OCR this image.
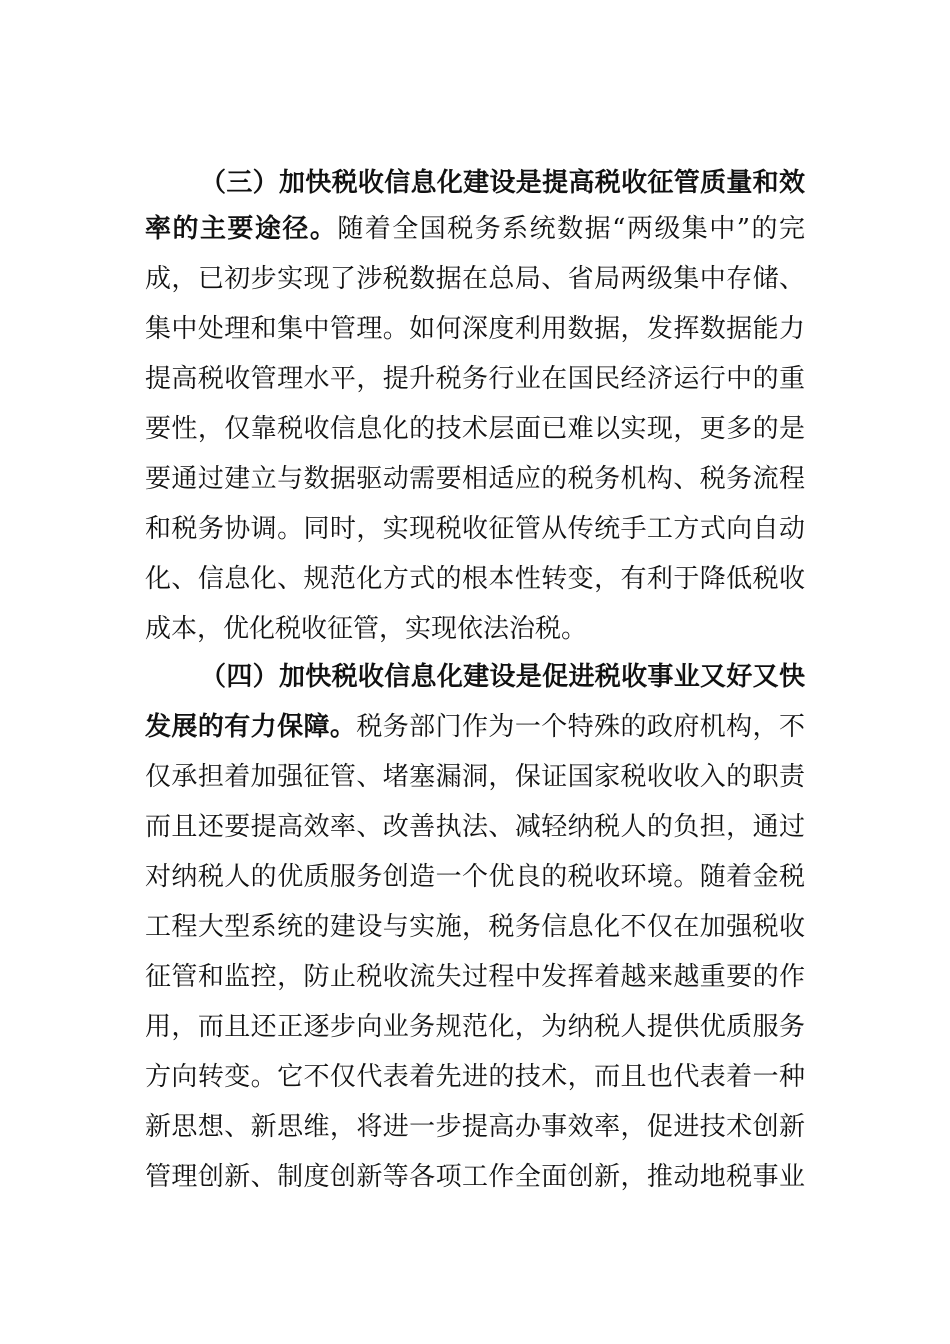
（三）加快税收信息化建设是提高税收征管质量和效
率的主要途径。随着全国税务系统数据“两级集中”的完
成，已初步实现了涉税数据在总局、省局两级集中存储、
集中处理和集中管理。如何深度利用数据，发挥数据能力
提高税收管理水平，提升税务行业在国民经济运行中的重
要性，仅靠税收信息化的技术层面已难以实现，更多的是
要通过建立与数据驱动需要相适应的税务机构、税务流程
和税务协调。同时，实现税收征管从传统手工方式向自动
化、信息化、规范化方式的根本性转变，有利于降低税收
成本，优化税收征管，实现依法治税。
（四）加快税收信息化建设是促进税收事业又好又快
发展的有力保障。税务部门作为一个特殊的政府机构，不
仅承担着加强征管、堵塞漏洞，保证国家税收收入的职责
而且还要提高效率、改善执法、减轻纳税人的负担，通过
对纳税人的优质服务创造一个优良的税收环境。随着金税
工程大型系统的建设与实施，税务信息化不仅在加强税收
征管和监控，防止税收流失过程中发挥着越来越重要的作
用，而且还正逐步向业务规范化，为纳税人提供优质服务
方向转变。它不仅代表着先进的技术，而且也代表着一种
新思想、新思维，将进一步提高办事效率，促进技术创新
管理创新、制度创新等各项工作全面创新，推动地税事业
